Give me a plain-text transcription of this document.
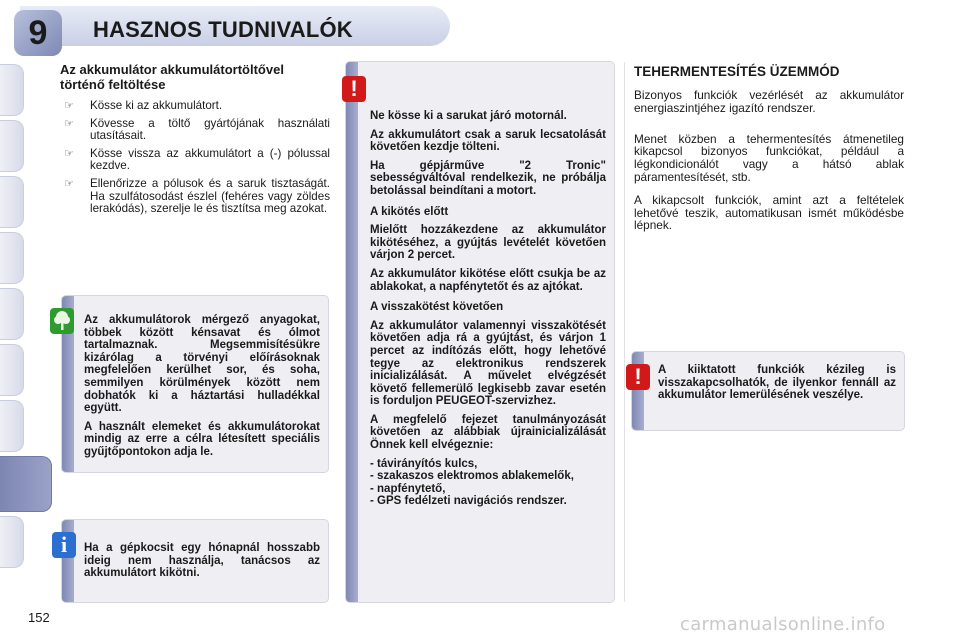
9	HASZNOS TUDNIVALÓK
Az akkumulátor akkumulátortöltővel történő feltöltése
☞ Kösse ki az akkumulátort.
☞ Kövesse a töltő gyártójának használati utasításait.
☞ Kösse vissza az akkumulátort a (-) pólussal kezdve.
☞ Ellenőrizze a pólusok és a saruk tisztaságát. Ha szulfátosodást észlel (fehéres vagy zöldes lerakódás), szerelje le és tisztítsa meg azokat.

Az akkumulátorok mérgező anyagokat, többek között kénsavat és ólmot tartalmaznak. Megsemmisítésükre kizárólag a törvényi előírásoknak megfelelően kerülhet sor, és soha, semmilyen körülmények között nem dobhatók ki a háztartási hulladékkal együtt.

A használt elemeket és akkumulátorokat mindig az erre a célra létesített speciális gyűjtőpontokon adja le.

Ha a gépkocsit egy hónapnál hosszabb ideig nem használja, tanácsos az akkumulátort kikötni.
i

Ne kösse ki a sarukat járó motornál.

Az akkumulátort csak a saruk lecsatolását követően kezdje tölteni.

Ha gépjárműve "2 Tronic" sebességváltóval rendelkezik, ne próbálja betolással beindítani a motort.

A kikötés előtt

Mielőtt hozzákezdene az akkumulátor kikötéséhez, a gyújtás levételét követően várjon 2 percet.

Az akkumulátor kikötése előtt csukja be az ablakokat, a napfénytetőt és az ajtókat.

A visszakötést követően

Az akkumulátor valamennyi visszakötését követően adja rá a gyújtást, és várjon 1 percet az indítózás előtt, hogy lehetővé tegye az elektronikus rendszerek inicializálását. A művelet elvégzését követő fellemerülő legkisebb zavar esetén is forduljon PEUGEOT-szervizhez.

A megfelelő fejezet tanulmányozását követően az alábbiak újrainicializálását Önnek kell elvégeznie:

- távirányítós kulcs,
- szakaszos elektromos ablakemelők,
- napfénytető,
- GPS fedélzeti navigációs rendszer.
!
TEHERMENTESÍTÉS ÜZEMMÓD

Bizonyos funkciók vezérlését az akkumulátor energiaszintjéhez igazító rendszer.

Menet közben a tehermentesítés átmenetileg kikapcsol bizonyos funkciókat, például a légkondicionálót vagy a hátsó ablak páramentesítését, stb.

A kikapcsolt funkciók, amint azt a feltételek lehetővé teszik, automatikusan ismét működésbe lépnek.

A kiiktatott funkciók kézileg is visszakapcsolhatók, de ilyenkor fennáll az akkumulátor lemerülésének veszélye.
!
152	carmanualsonline.info
